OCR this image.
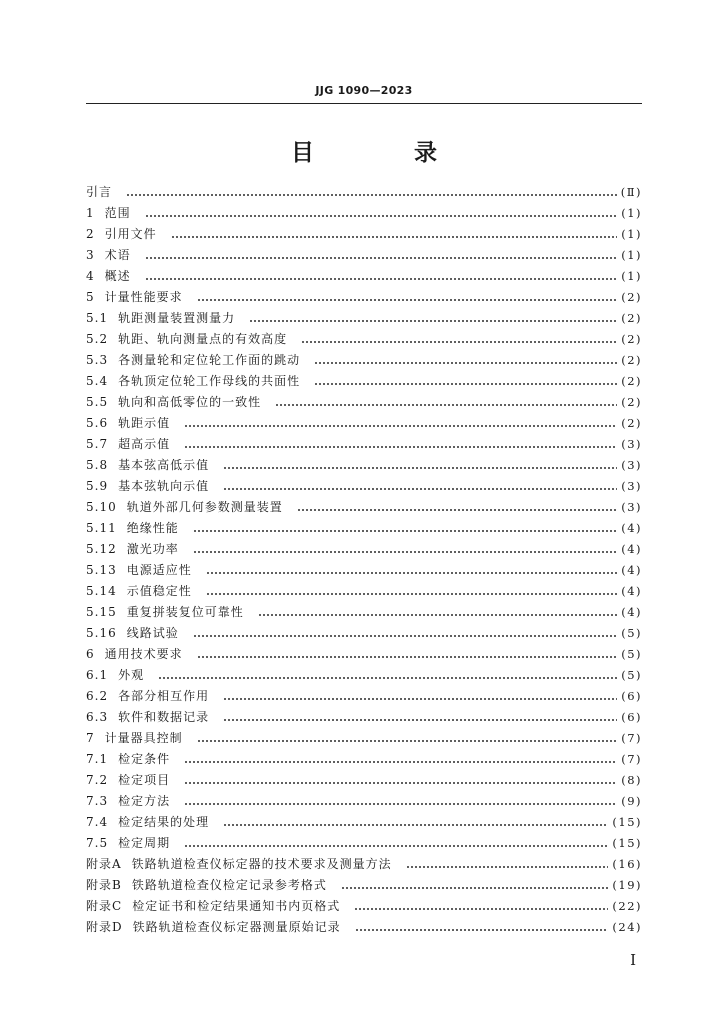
JJG 1090—2023
目 录
引言	(Ⅱ)
1 范围	(1)
2 引用文件	(1)
3 术语	(1)
4 概述	(1)
5 计量性能要求	(2)
5.1 轨距测量装置测量力	(2)
5.2 轨距、轨向测量点的有效高度	(2)
5.3 各测量轮和定位轮工作面的跳动	(2)
5.4 各轨顶定位轮工作母线的共面性	(2)
5.5 轨向和高低零位的一致性	(2)
5.6 轨距示值	(2)
5.7 超高示值	(3)
5.8 基本弦高低示值	(3)
5.9 基本弦轨向示值	(3)
5.10 轨道外部几何参数测量装置	(3)
5.11 绝缘性能	(4)
5.12 激光功率	(4)
5.13 电源适应性	(4)
5.14 示值稳定性	(4)
5.15 重复拼装复位可靠性	(4)
5.16 线路试验	(5)
6 通用技术要求	(5)
6.1 外观	(5)
6.2 各部分相互作用	(6)
6.3 软件和数据记录	(6)
7 计量器具控制	(7)
7.1 检定条件	(7)
7.2 检定项目	(8)
7.3 检定方法	(9)
7.4 检定结果的处理	(15)
7.5 检定周期	(15)
附录A 铁路轨道检查仪标定器的技术要求及测量方法	(16)
附录B 铁路轨道检查仪检定记录参考格式	(19)
附录C 检定证书和检定结果通知书内页格式	(22)
附录D 铁路轨道检查仪标定器测量原始记录	(24)
I
